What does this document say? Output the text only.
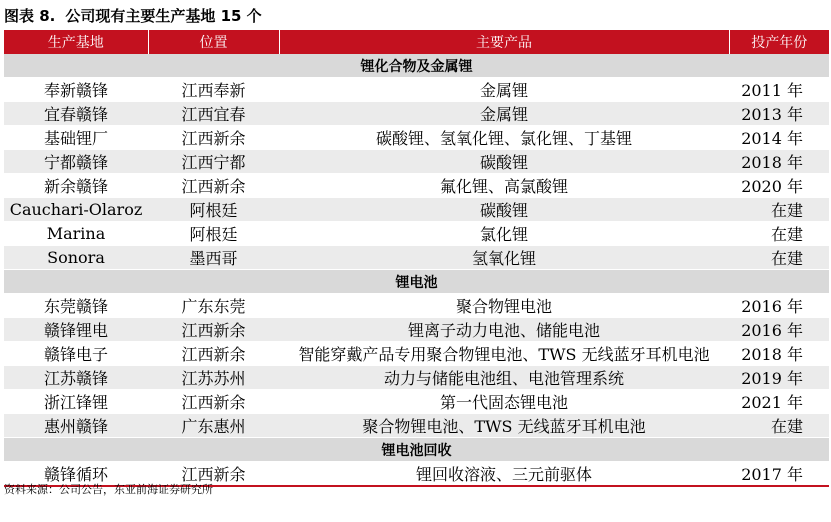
图表 8. 公司现有主要生产基地 15 个
生产基地	位置	主要产品	投产年份
锂化合物及金属锂			
奉新赣锋	江西奉新	金属锂	2011 年
宜春赣锋	江西宜春	金属锂	2013 年
基础锂厂	江西新余	碳酸锂、氢氧化锂、氯化锂、丁基锂	2014 年
宁都赣锋	江西宁都	碳酸锂	2018 年
新余赣锋	江西新余	氟化锂、高氯酸锂	2020 年
Cauchari-Olaroz	阿根廷	碳酸锂	在建
Marina	阿根廷	氯化锂	在建
Sonora	墨西哥	氢氧化锂	在建
锂电池			
东莞赣锋	广东东莞	聚合物锂电池	2016 年
赣锋锂电	江西新余	锂离子动力电池、储能电池	2016 年
赣锋电子	江西新余	智能穿戴产品专用聚合物锂电池、TWS 无线蓝牙耳机电池	2018 年
江苏赣锋	江苏苏州	动力与储能电池组、电池管理系统	2019 年
浙江锋锂	江西新余	第一代固态锂电池	2021 年
惠州赣锋	广东惠州	聚合物锂电池、TWS 无线蓝牙耳机电池	在建
锂电池回收			
赣锋循环	江西新余	锂回收溶液、三元前驱体	2017 年
资料来源：公司公告，东亚前海证券研究所
